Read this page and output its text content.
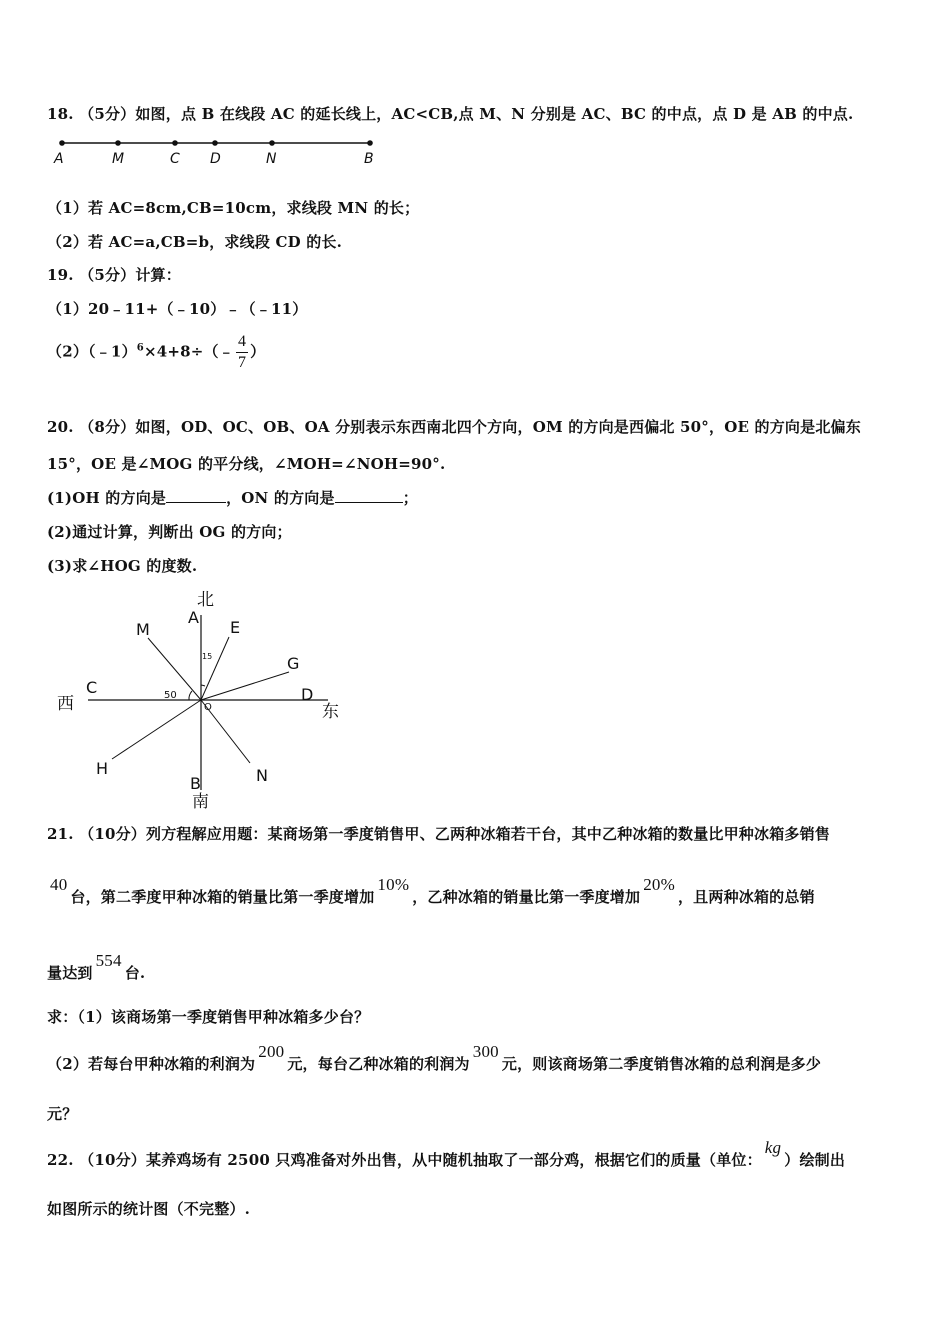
18. （5分）如图，点 B 在线段 AC 的延长线上，AC<CB,点 M、N 分别是 AC、BC 的中点，点 D 是 AB 的中点.
A	M	C D	N	B
（1）若 AC=8cm,CB=10cm，求线段 MN 的长；
（2）若 AC=a,CB=b，求线段 CD 的长.
19. （5分）计算：
（1）20﹣11+（﹣10）﹣（﹣11）
（2）（﹣1）$^6$×4+8÷（﹣ $\frac{4}{7}$ ）
20. （8分）如图，OD、OC、OB、OA 分别表示东西南北四个方向，OM 的方向是西偏北 50°，OE 的方向是北偏东
15°，OE 是∠MOG 的平分线，∠MOH=∠NOH=90°.
(1)OH 的方向是	，ON 的方向是	；
(2)通过计算，判断出 OG 的方向；
(3)求∠HOG 的度数.
北
A
E
M
15	G
C	50	D
西	O	东
H	N
B
南
21. （10分）列方程解应用题：某商场第一季度销售甲、乙两种冰箱若干台，其中乙种冰箱的数量比甲种冰箱多销售
40台，第二季度甲种冰箱的销量比第一季度增加10%，乙种冰箱的销量比第一季度增加20%，且两种冰箱的总销
量达到554台.
求：（1）该商场第一季度销售甲种冰箱多少台？
（2）若每台甲种冰箱的利润为200元，每台乙种冰箱的利润为300元，则该商场第二季度销售冰箱的总利润是多少
元？
22. （10分）某养鸡场有 2500 只鸡准备对外出售，从中随机抽取了一部分鸡，根据它们的质量（单位：kg）绘制出
如图所示的统计图（不完整）.
